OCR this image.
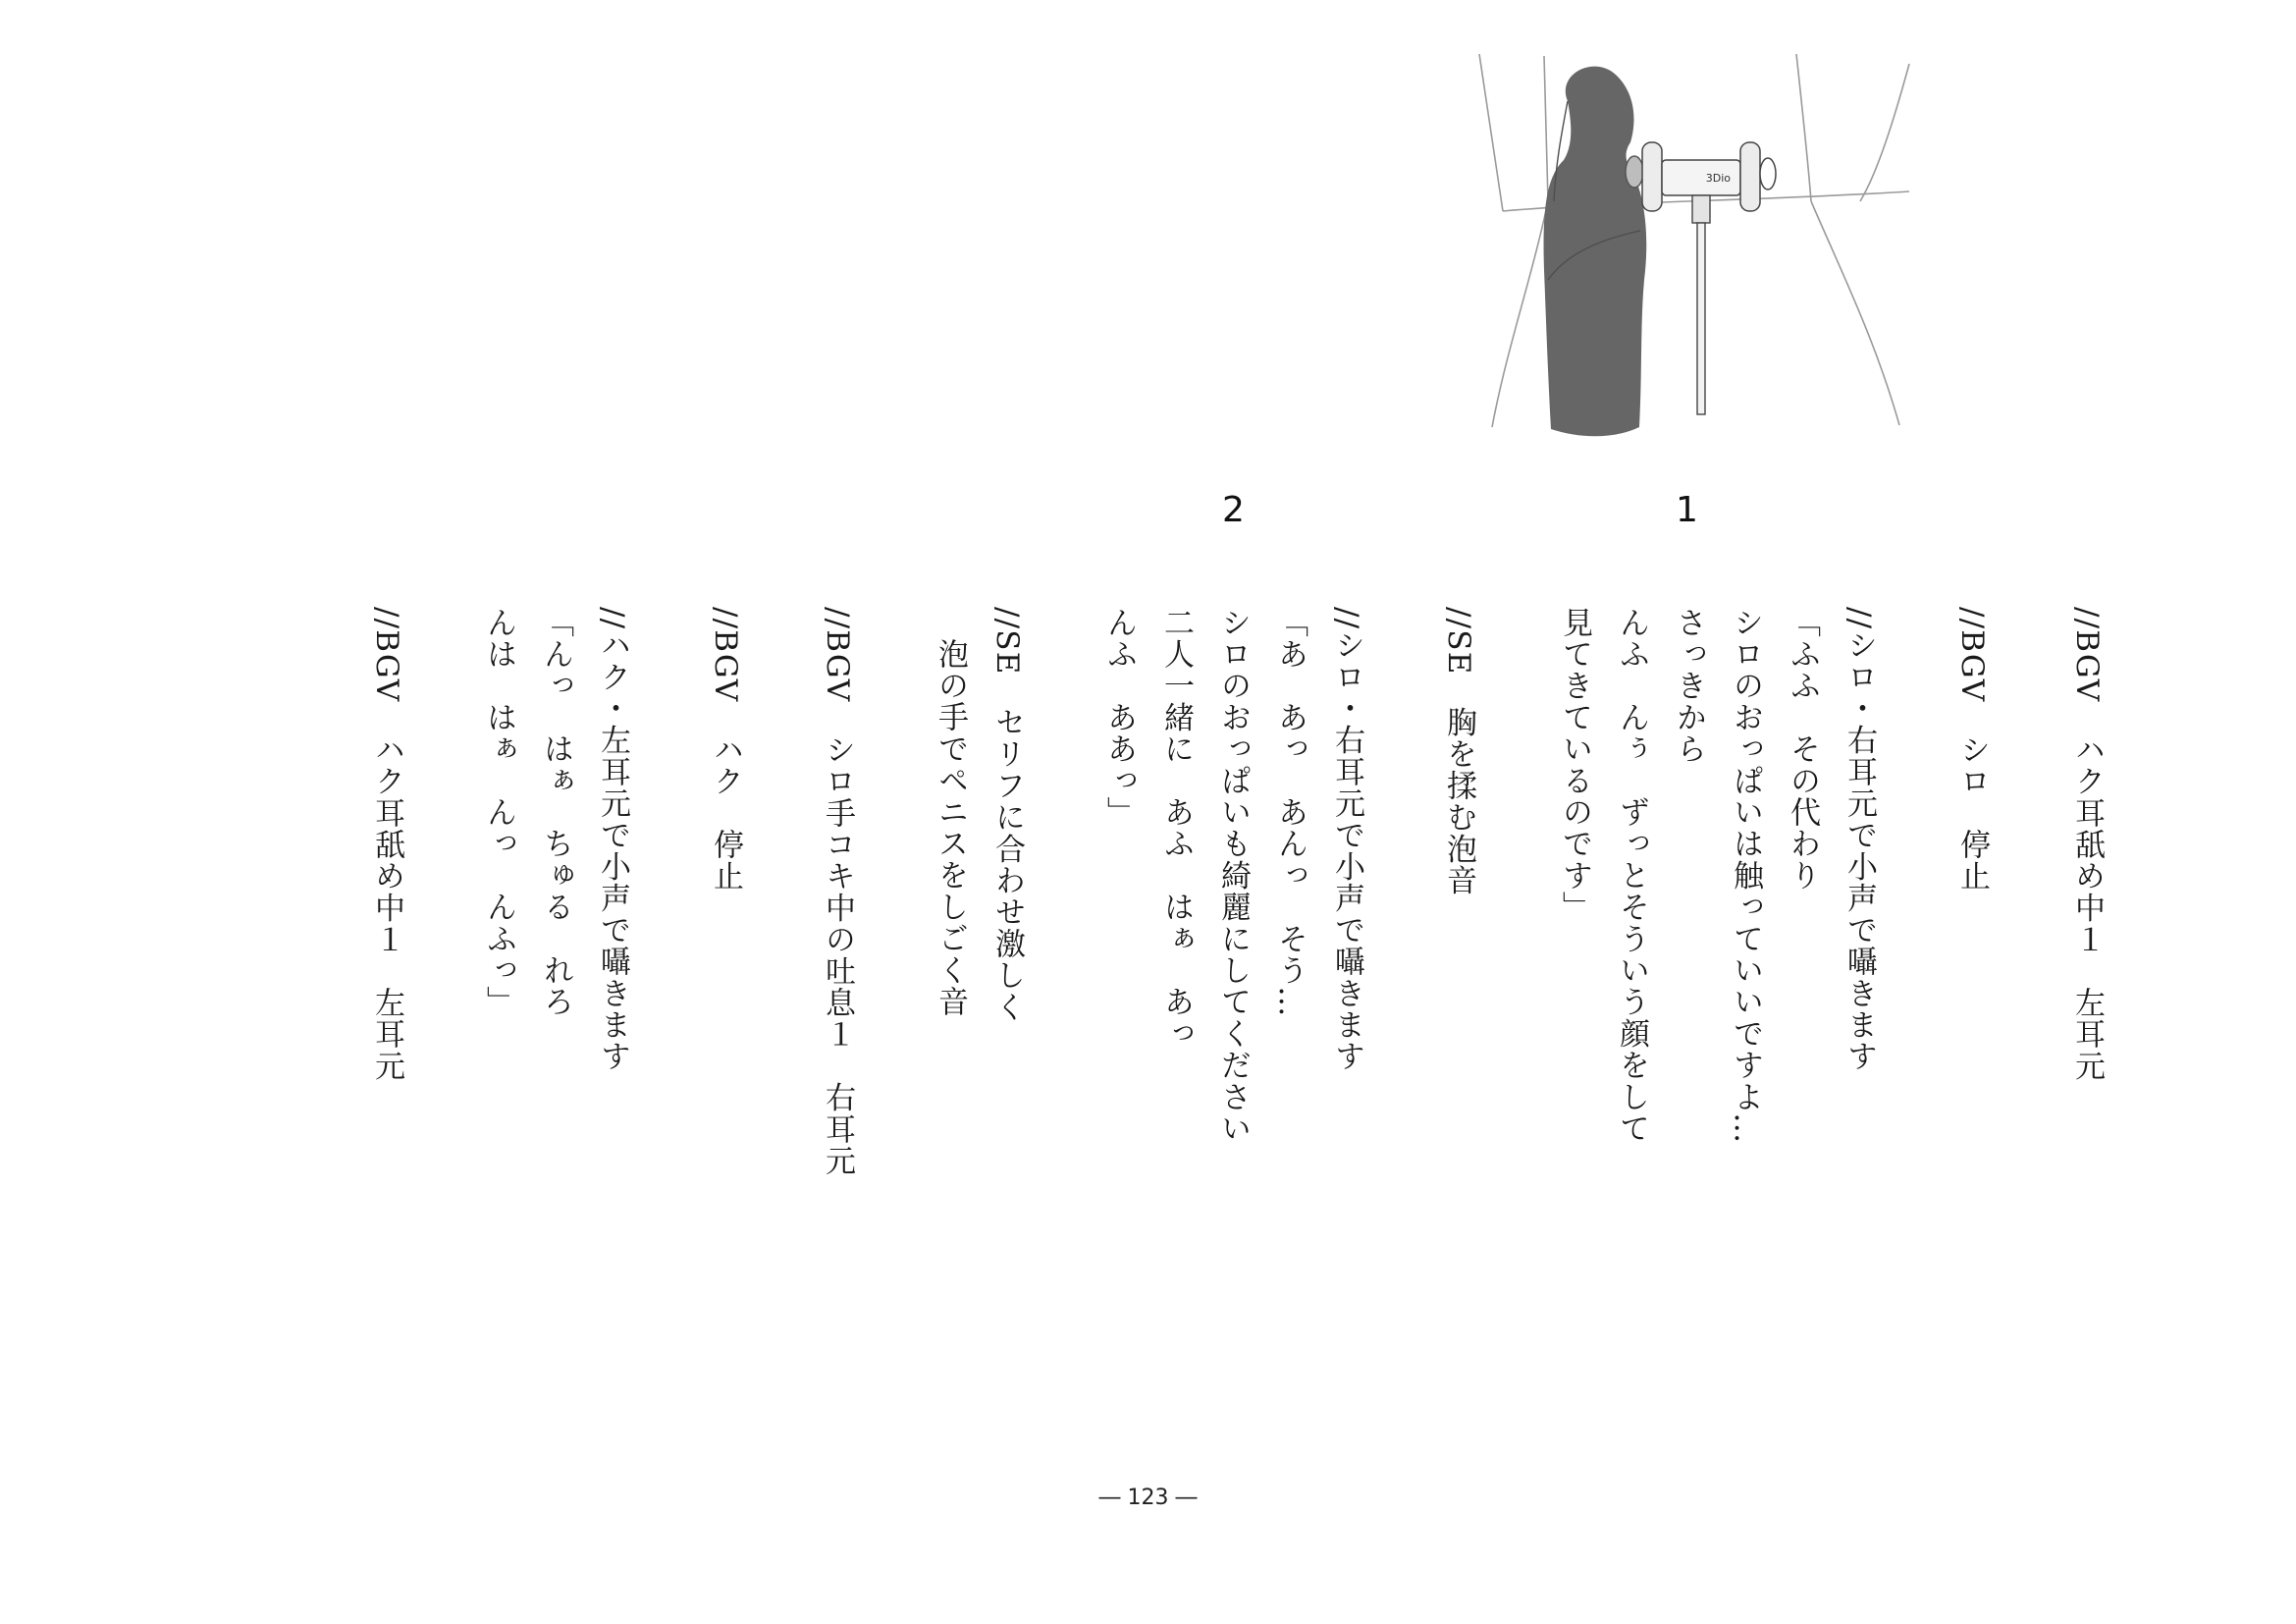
3Dio
1
2
//BGV　ハク耳舐め中１　左耳元
//BGV　シロ　停止
//シロ・右耳元で小声で囁きます
「ふふ　その代わり
シロのおっぱいは触っていいですよ…
さっきから
んふ　んぅ　ずっとそういう顔をして
見てきているのです」
//SE　胸を揉む泡音
//シロ・右耳元で小声で囁きます
「あ　あっ　あんっ　そう…
シロのおっぱいも綺麗にしてください
二人一緒に　あふ　はぁ　あっ
んふ　ああっ」
//SE　セリフに合わせ激しく
泡の手でペニスをしごく音
//BGV　シロ手コキ中の吐息１　右耳元
//BGV　ハク　停止
//ハク・左耳元で小声で囁きます
「んっ　はぁ　ちゅる　れろ
んは　はぁ　んっ　んふっ」
//BGV　ハク耳舐め中１　左耳元
― 123 ―
